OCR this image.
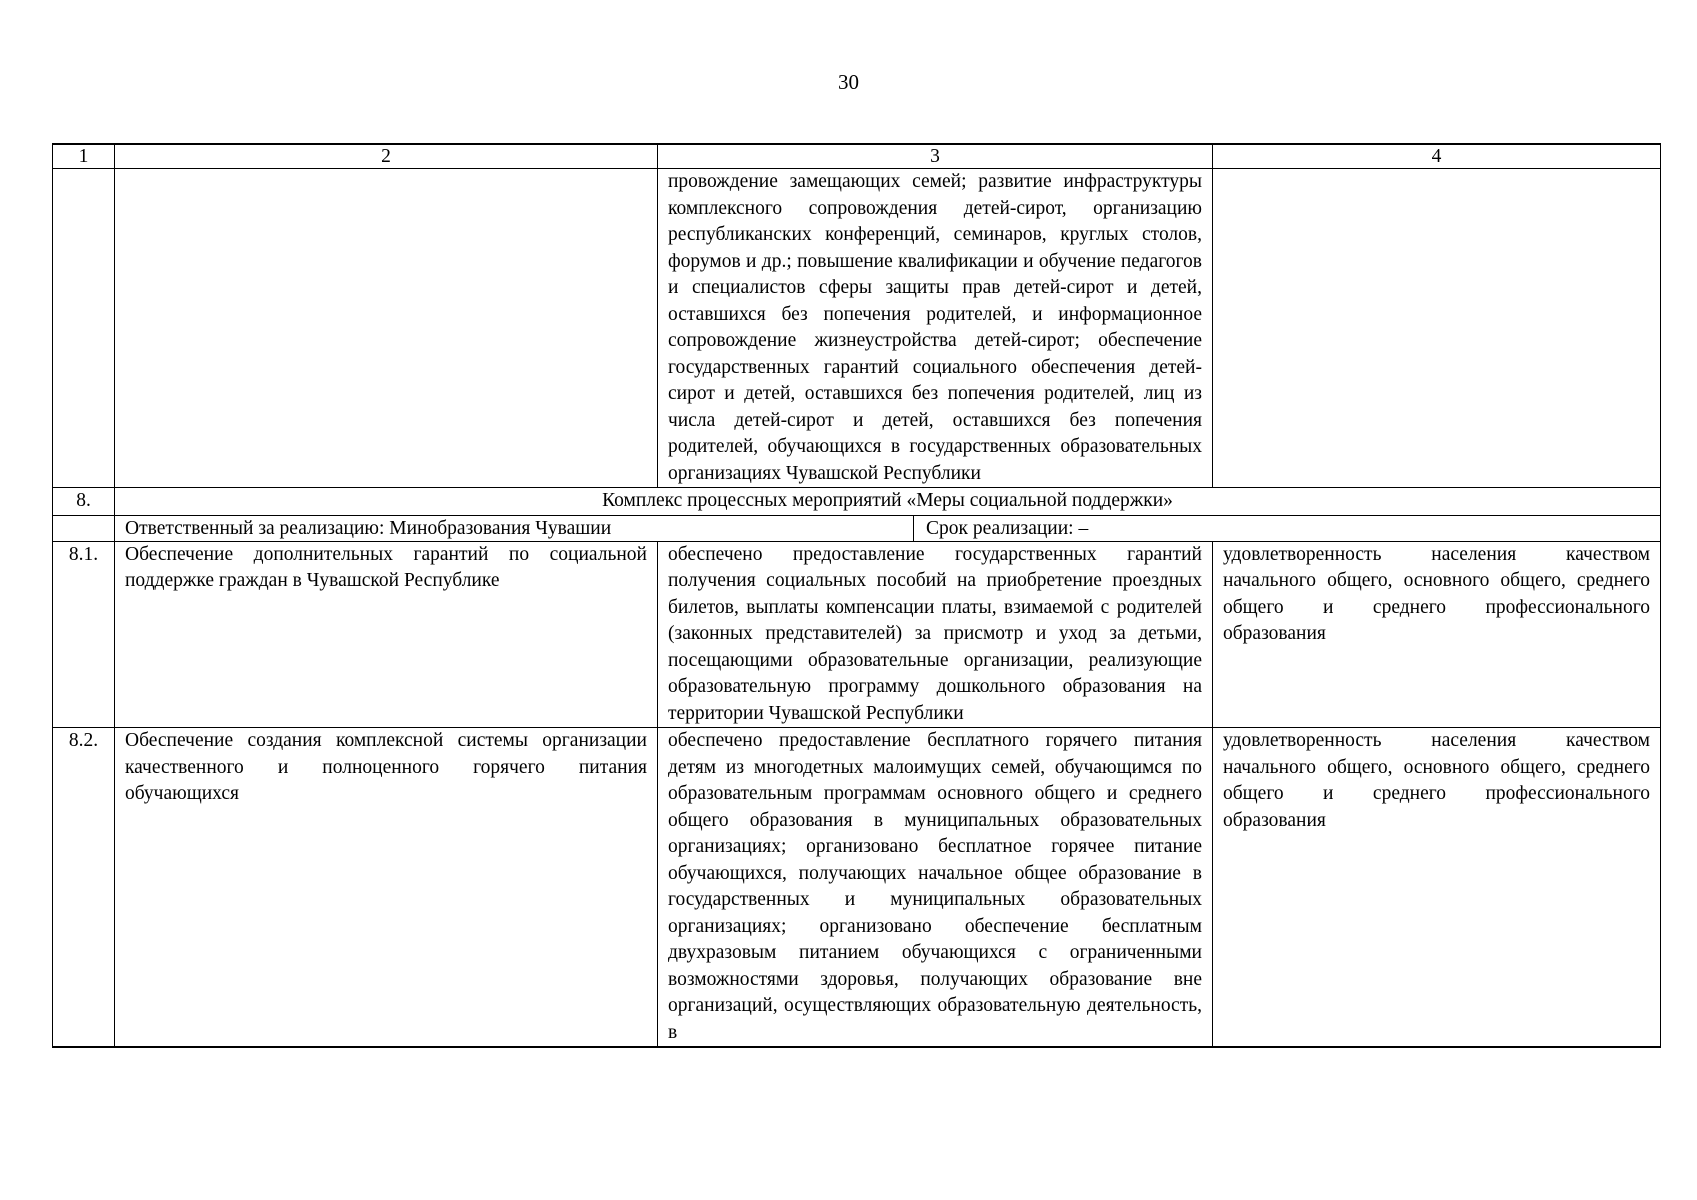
30
1	2	3	4
		провождение замещающих семей; развитие инфраструктуры комплексного сопровождения детей-сирот, организацию республиканских конференций, семинаров, круглых столов, форумов и др.; повышение квалификации и обучение педагогов и специалистов сферы защиты прав детей-сирот и детей, оставшихся без попечения родителей, и информационное сопровождение жизнеустройства детей-сирот; обеспечение государственных гарантий социального обеспечения детей-сирот и детей, оставшихся без попечения родителей, лиц из числа детей-сирот и детей, оставшихся без попечения родителей, обучающихся в государственных образовательных организациях Чувашской Республики	
8.	Комплекс процессных мероприятий «Меры социальной поддержки»		

	Ответственный за реализацию: Минобразования Чувашии Срок реализации: –		

8.1.	Обеспечение дополнительных гарантий по социальной поддержке граждан в Чувашской Республике	обеспечено предоставление государственных гарантий получения социальных пособий на приобретение проездных билетов, выплаты компенсации платы, взимаемой с родителей (законных представителей) за присмотр и уход за детьми, посещающими образовательные организации, реализующие образовательную программу дошкольного образования на территории Чувашской Республики	удовлетворенность населения качеством начального общего, основного общего, среднего общего и среднего профессионального образования
8.2.	Обеспечение создания комплексной системы организации качественного и полноценного горячего питания обучающихся	обеспечено предоставление бесплатного горячего питания детям из многодетных малоимущих семей, обучающимся по образовательным программам основного общего и среднего общего образования в муниципальных образовательных организациях; организовано бесплатное горячее питание обучающихся, получающих начальное общее образование в государственных и муниципальных образовательных организациях; организовано обеспечение бесплатным двухразовым питанием обучающихся с ограниченными возможностями здоровья, получающих образование вне организаций, осуществляющих образовательную деятельность, в	удовлетворенность населения качеством начального общего, основного общего, среднего общего и среднего профессионального образования
